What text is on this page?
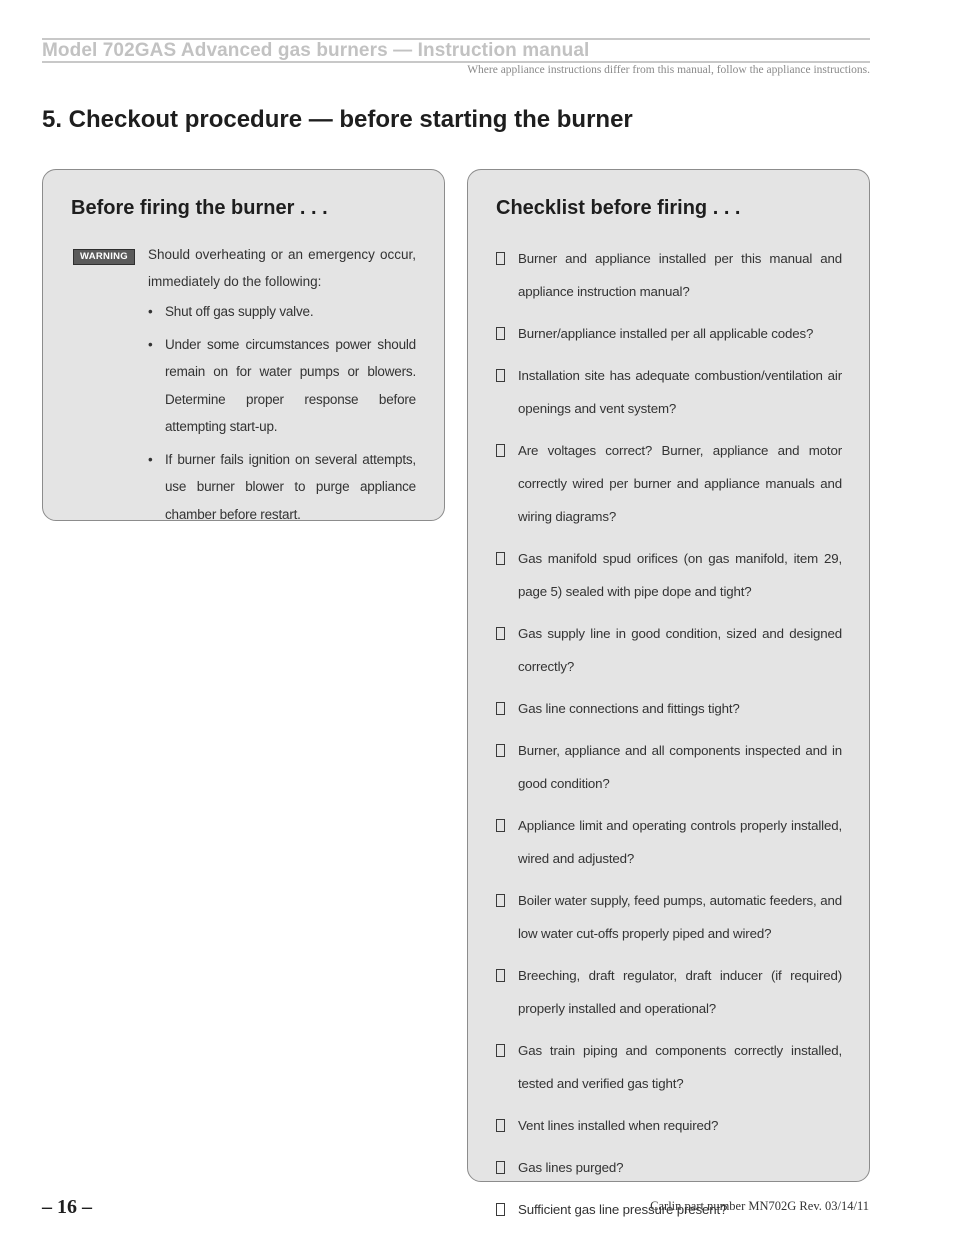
Model 702GAS Advanced gas burners — Instruction manual
Where appliance instructions differ from this manual, follow the appliance instructions.
5. Checkout procedure — before starting the burner
Before firing the burner . . .
WARNING	Should overheating or an emergency occur, immediately do the following:
• Shut off gas supply valve.
• Under some circumstances power should remain on for water pumps or blowers. Determine proper response before attempting start-up.
• If burner fails ignition on several attempts, use burner blower to purge appliance chamber before restart.
Checklist before firing . . .
Burner and appliance installed per this manual and appliance instruction manual?
Burner/appliance installed per all applicable codes?
Installation site has adequate combustion/ventilation air openings and vent system?
Are voltages correct? Burner, appliance and motor correctly wired per burner and appliance manuals and wiring diagrams?
Gas manifold spud orifices (on gas manifold, item 29, page 5) sealed with pipe dope and tight?
Gas supply line in good condition, sized and designed correctly?
Gas line connections and fittings tight?
Burner, appliance and all components inspected and in good condition?
Appliance limit and operating controls properly installed, wired and adjusted?
Boiler water supply, feed pumps, automatic feeders, and low water cut-offs properly piped and wired?
Breeching, draft regulator, draft inducer (if required) properly installed and operational?
Gas train piping and components correctly installed, tested and verified gas tight?
Vent lines installed when required?
Gas lines purged?
Sufficient gas line pressure present?
– 16 –	Carlin part number MN702G Rev. 03/14/11
